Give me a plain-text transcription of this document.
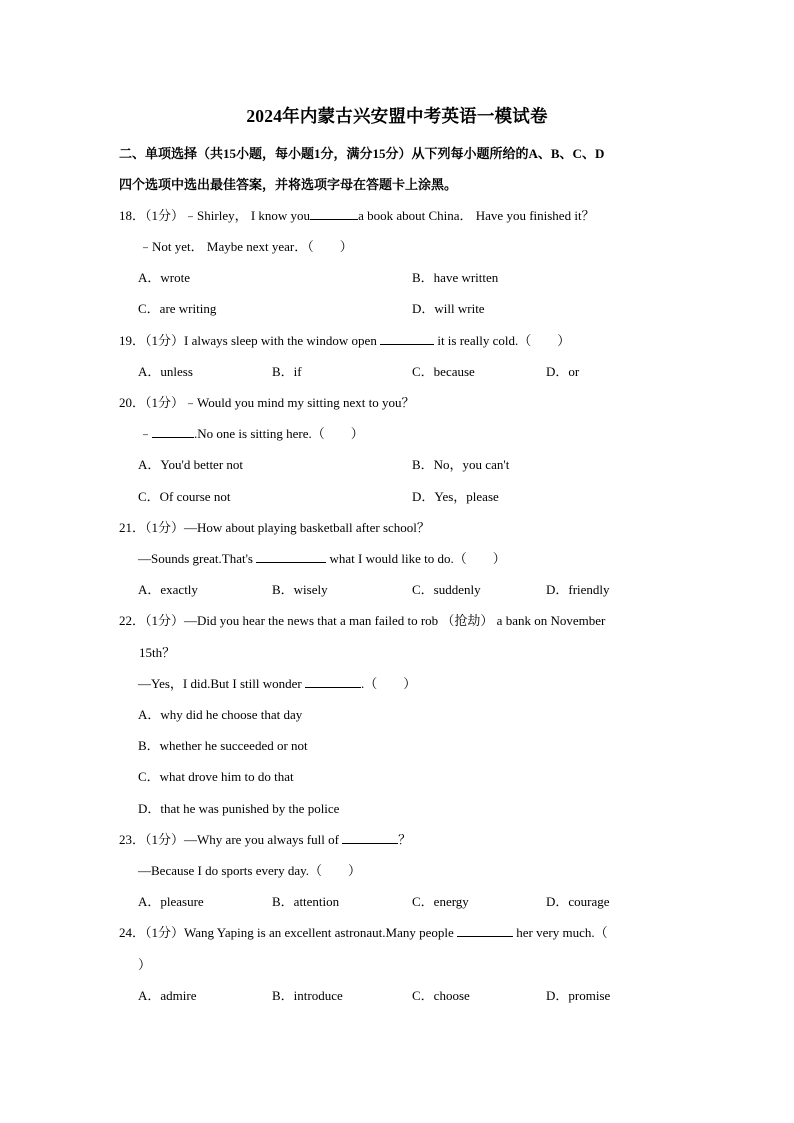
2024年内蒙古兴安盟中考英语一模试卷
二、单项选择（共15小题，每小题1分，满分15分）从下列每小题所给的A、B、C、D
四个选项中选出最佳答案，并将选项字母在答题卡上涂黑。
18．（1分）﹣Shirley， I know you	a book about China． Have you finished it？
﹣Not yet． Maybe next year．（　　）
A．wrote	B．have written
C．are writing	D．will write
19．（1分）I always sleep with the window open	it is really cold.（　　）
A．unless	B．if	C．because	D．or
20．（1分）﹣Would you mind my sitting next to you？
﹣	.No one is sitting here.（　　）
A．You'd better not	B．No，you can't
C．Of course not	D．Yes，please
21．（1分）—How about playing basketball after school？
—Sounds great.That's	what I would like to do.（　　）
A．exactly	B．wisely	C．suddenly	D．friendly
22．（1分）—Did you hear the news that a man failed to rob （抢劫） a bank on November
15th？
—Yes，I did.But I still wonder	.（　　）
A．why did he choose that day
B．whether he succeeded or not
C．what drove him to do that
D．that he was punished by the police
23．（1分）—Why are you always full of	？
—Because I do sports every day.（　　）
A．pleasure	B．attention	C．energy	D．courage
24．（1分）Wang Yaping is an excellent astronaut.Many people	her very much.（
）
A．admire	B．introduce	C．choose	D．promise
